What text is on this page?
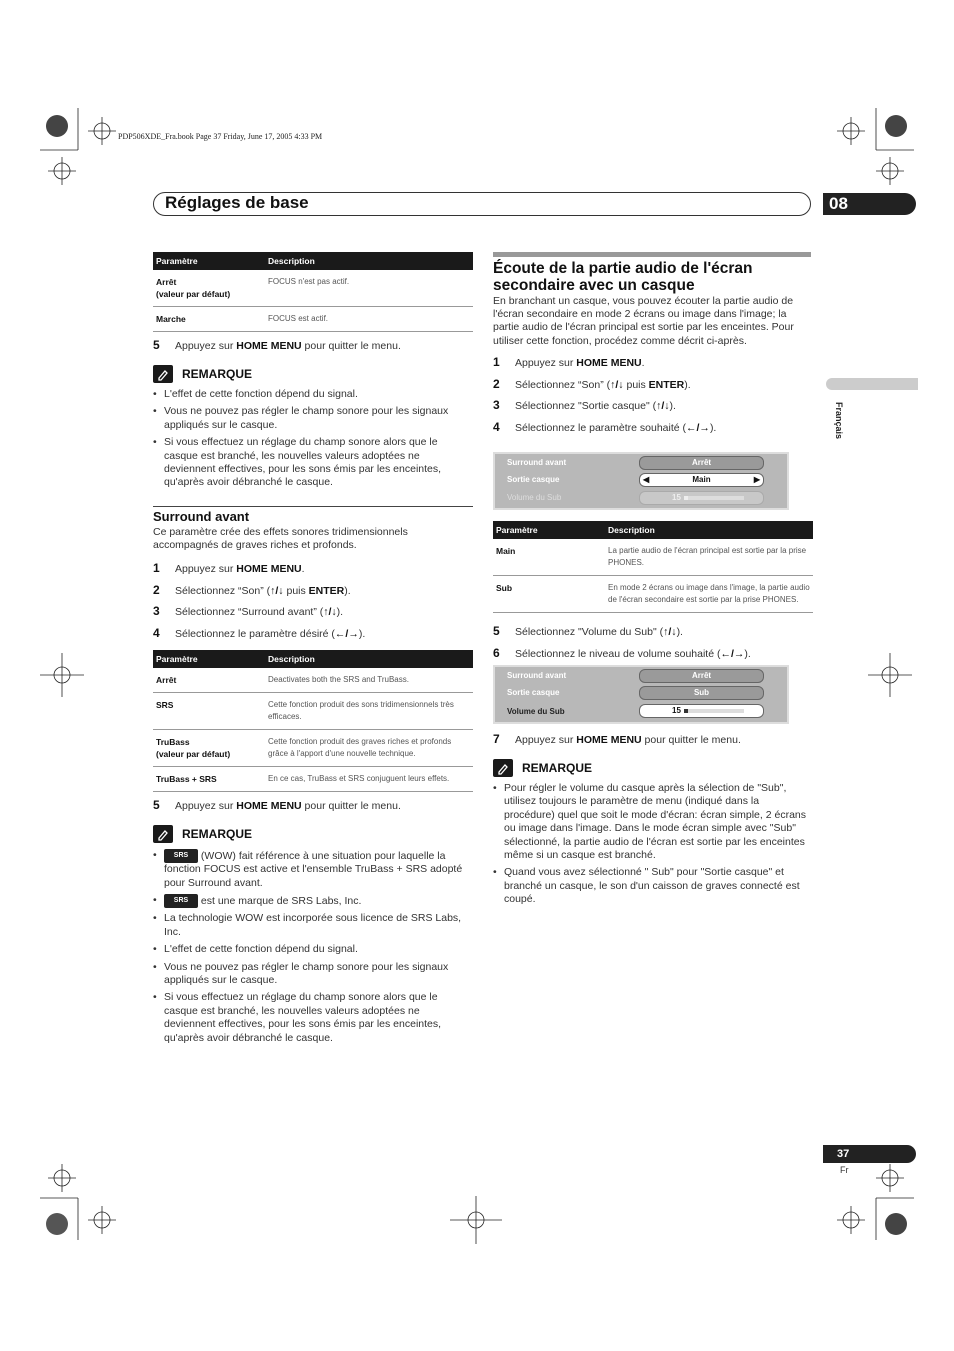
PDP506XDE_Fra.book Page 37 Friday, June 17, 2005 4:33 PM
Réglages de base	08
Français
Paramètre	Description
Arrêt
(valeur par défaut)	FOCUS n'est pas actif.
Marche	FOCUS est actif.
5	Appuyez sur HOME MENU pour quitter le menu.
REMARQUE
• L'effet de cette fonction dépend du signal.
• Vous ne pouvez pas régler le champ sonore pour les signaux appliqués sur le casque.
• Si vous effectuez un réglage du champ sonore alors que le casque est branché, les nouvelles valeurs adoptées ne deviennent effectives, pour les sons émis par les enceintes, qu'après avoir débranché le casque.
Surround avant
Ce paramètre crée des effets sonores tridimensionnels accompagnés de graves riches et profonds.
1	Appuyez sur HOME MENU.
2	Sélectionnez “Son” (↑/↓ puis ENTER).
3	Sélectionnez “Surround avant” (↑/↓).
4	Sélectionnez le paramètre désiré (←/→).
Paramètre	Description
Arrêt	Deactivates both the SRS and TruBass.
SRS	Cette fonction produit des sons tridimensionnels très efficaces.
TruBass
(valeur par défaut)	Cette fonction produit des graves riches et profonds grâce à l'apport d'une nouvelle technique.
TruBass + SRS	En ce cas, TruBass et SRS conjuguent leurs effets.
5	Appuyez sur HOME MENU pour quitter le menu.
REMARQUE
• SRS (WOW) fait référence à une situation pour laquelle la fonction FOCUS est active et l'ensemble TruBass + SRS adopté pour Surround avant.
• SRS est une marque de SRS Labs, Inc.
• La technologie WOW est incorporée sous licence de SRS Labs, Inc.
• L'effet de cette fonction dépend du signal.
• Vous ne pouvez pas régler le champ sonore pour les signaux appliqués sur le casque.
• Si vous effectuez un réglage du champ sonore alors que le casque est branché, les nouvelles valeurs adoptées ne deviennent effectives, pour les sons émis par les enceintes, qu'après avoir débranché le casque.
Écoute de la partie audio de l'écran secondaire avec un casque
En branchant un casque, vous pouvez écouter la partie audio de l'écran secondaire en mode 2 écrans ou image dans l'image; la partie audio de l'écran principal est sortie par les enceintes. Pour utiliser cette fonction, procédez comme décrit ci-après.
1	Appuyez sur HOME MENU.
2	Sélectionnez “Son” (↑/↓ puis ENTER).
3	Sélectionnez "Sortie casque" (↑/↓).
4	Sélectionnez le paramètre souhaité (←/→).
Surround avant	Arrêt
Sortie casque	◀	Main	▶
Volume du Sub	15
Paramètre	Description
Main	La partie audio de l'écran principal est sortie par la prise PHONES.
Sub	En mode 2 écrans ou image dans l'image, la partie audio de l'écran secondaire est sortie par la prise PHONES.
5	Sélectionnez "Volume du Sub" (↑/↓).
6	Sélectionnez le niveau de volume souhaité (←/→).
Surround avant	Arrêt
Sortie casque	Sub
Volume du Sub	15
7	Appuyez sur HOME MENU pour quitter le menu.
REMARQUE
• Pour régler le volume du casque après la sélection de "Sub", utilisez toujours le paramètre de menu (indiqué dans la procédure) quel que soit le mode d'écran: écran simple, 2 écrans ou image dans l'image. Dans le mode écran simple avec "Sub" sélectionné, la partie audio de l'écran est sortie par les enceintes même si un casque est branché.
• Quand vous avez sélectionné " Sub" pour "Sortie casque" et branché un casque, le son d'un caisson de graves connecté est coupé.
37
Fr
